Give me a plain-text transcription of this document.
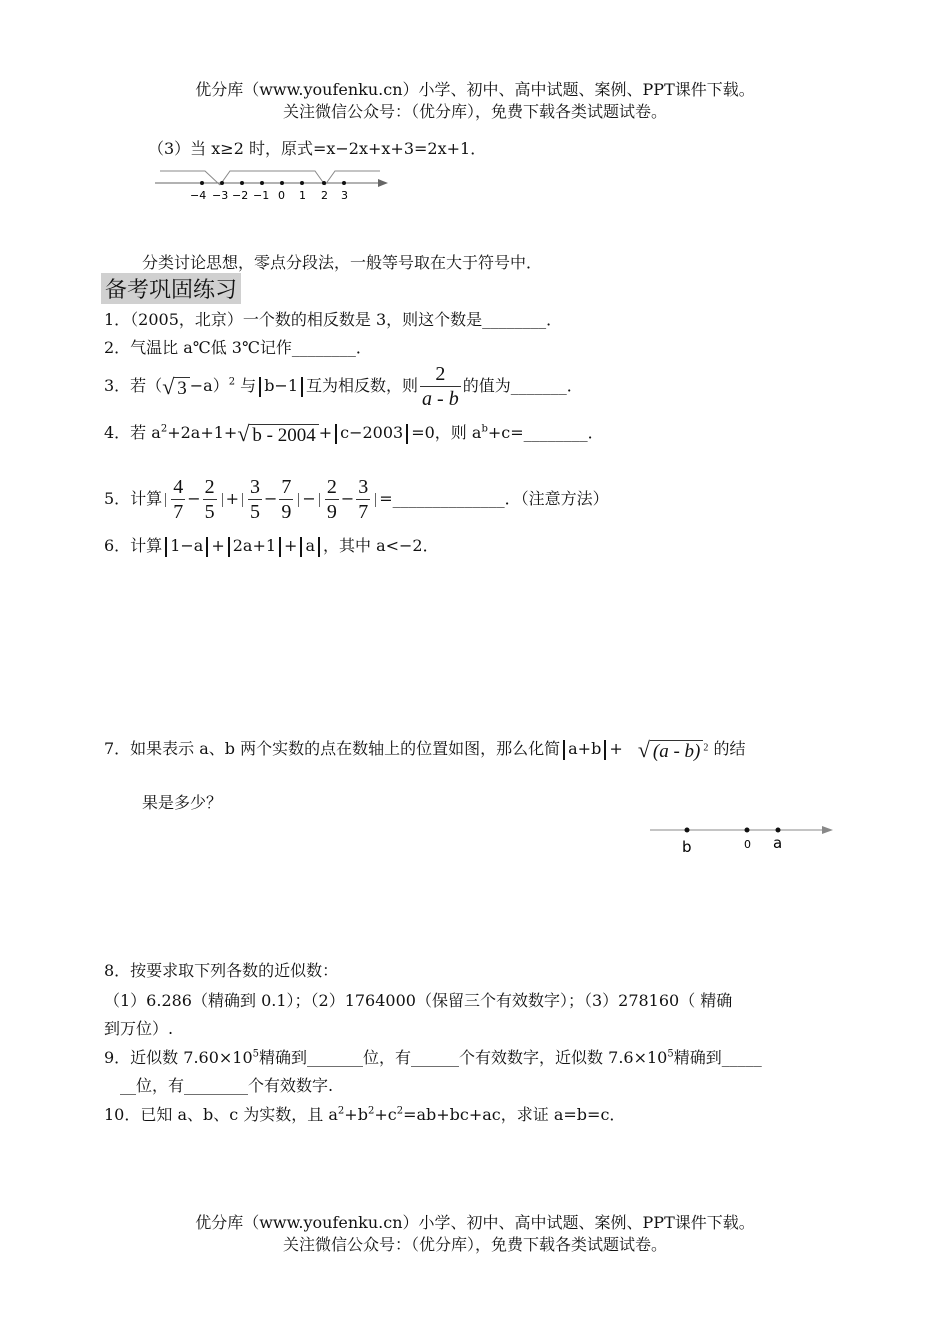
优分库（www.youfenku.cn）小学、初中、高中试题、案例、PPT课件下载。
关注微信公众号：（优分库），免费下载各类试题试卷。
（3）当 x≥2 时，原式=x−2x+x+3=2x+1．
−4 −3 −2 −1 0 1 2 3
分类讨论思想，零点分段法，一般等号取在大于符号中．
备考巩固练习
1．（2005，北京）一个数的相反数是 3，则这个数是________．
2．气温比 a℃低 3℃记作________．
3．若（√ 3 −a）$^2$ 与 b−1 互为相反数，则 $\frac{2}{a - b}$ 的值为_______．
4．若 $a^2+2a+1+√$ b - 2004 + c−2003 =0，则 $a^b+c=\_\_\_\_\_\_\_\_$．
5．计算 $\frac{4}{7} - \frac{2}{5} + \frac{3}{5} - \frac{7}{9} - \frac{2}{9} - \frac{3}{7}$ =______________．（注意方法）
6．计算 1−a + 2a+1 + a ，其中 a<−2．
7．如果表示 a、b 两个实数的点在数轴上的位置如图，那么化简 a+b + √ (a - b) $^2$ 的结
果是多少？
b	0 a
8．按要求取下列各数的近似数：
（1）6.286（精确到 0.1）；（2）1764000（保留三个有效数字）；（3）278160（ 精确
到万位）.
9．近似数 $7.60\times 10^5$精确到_______位，有______个有效数字，近似数 $7.6\times 10^5$精确到_____
__位，有________个有效数字.
10．已知 a、b、c 为实数，且 $a^2+b^2+c^2=ab+bc+ac$，求证 a=b=c．
优分库（www.youfenku.cn）小学、初中、高中试题、案例、PPT课件下载。
关注微信公众号：（优分库），免费下载各类试题试卷。
